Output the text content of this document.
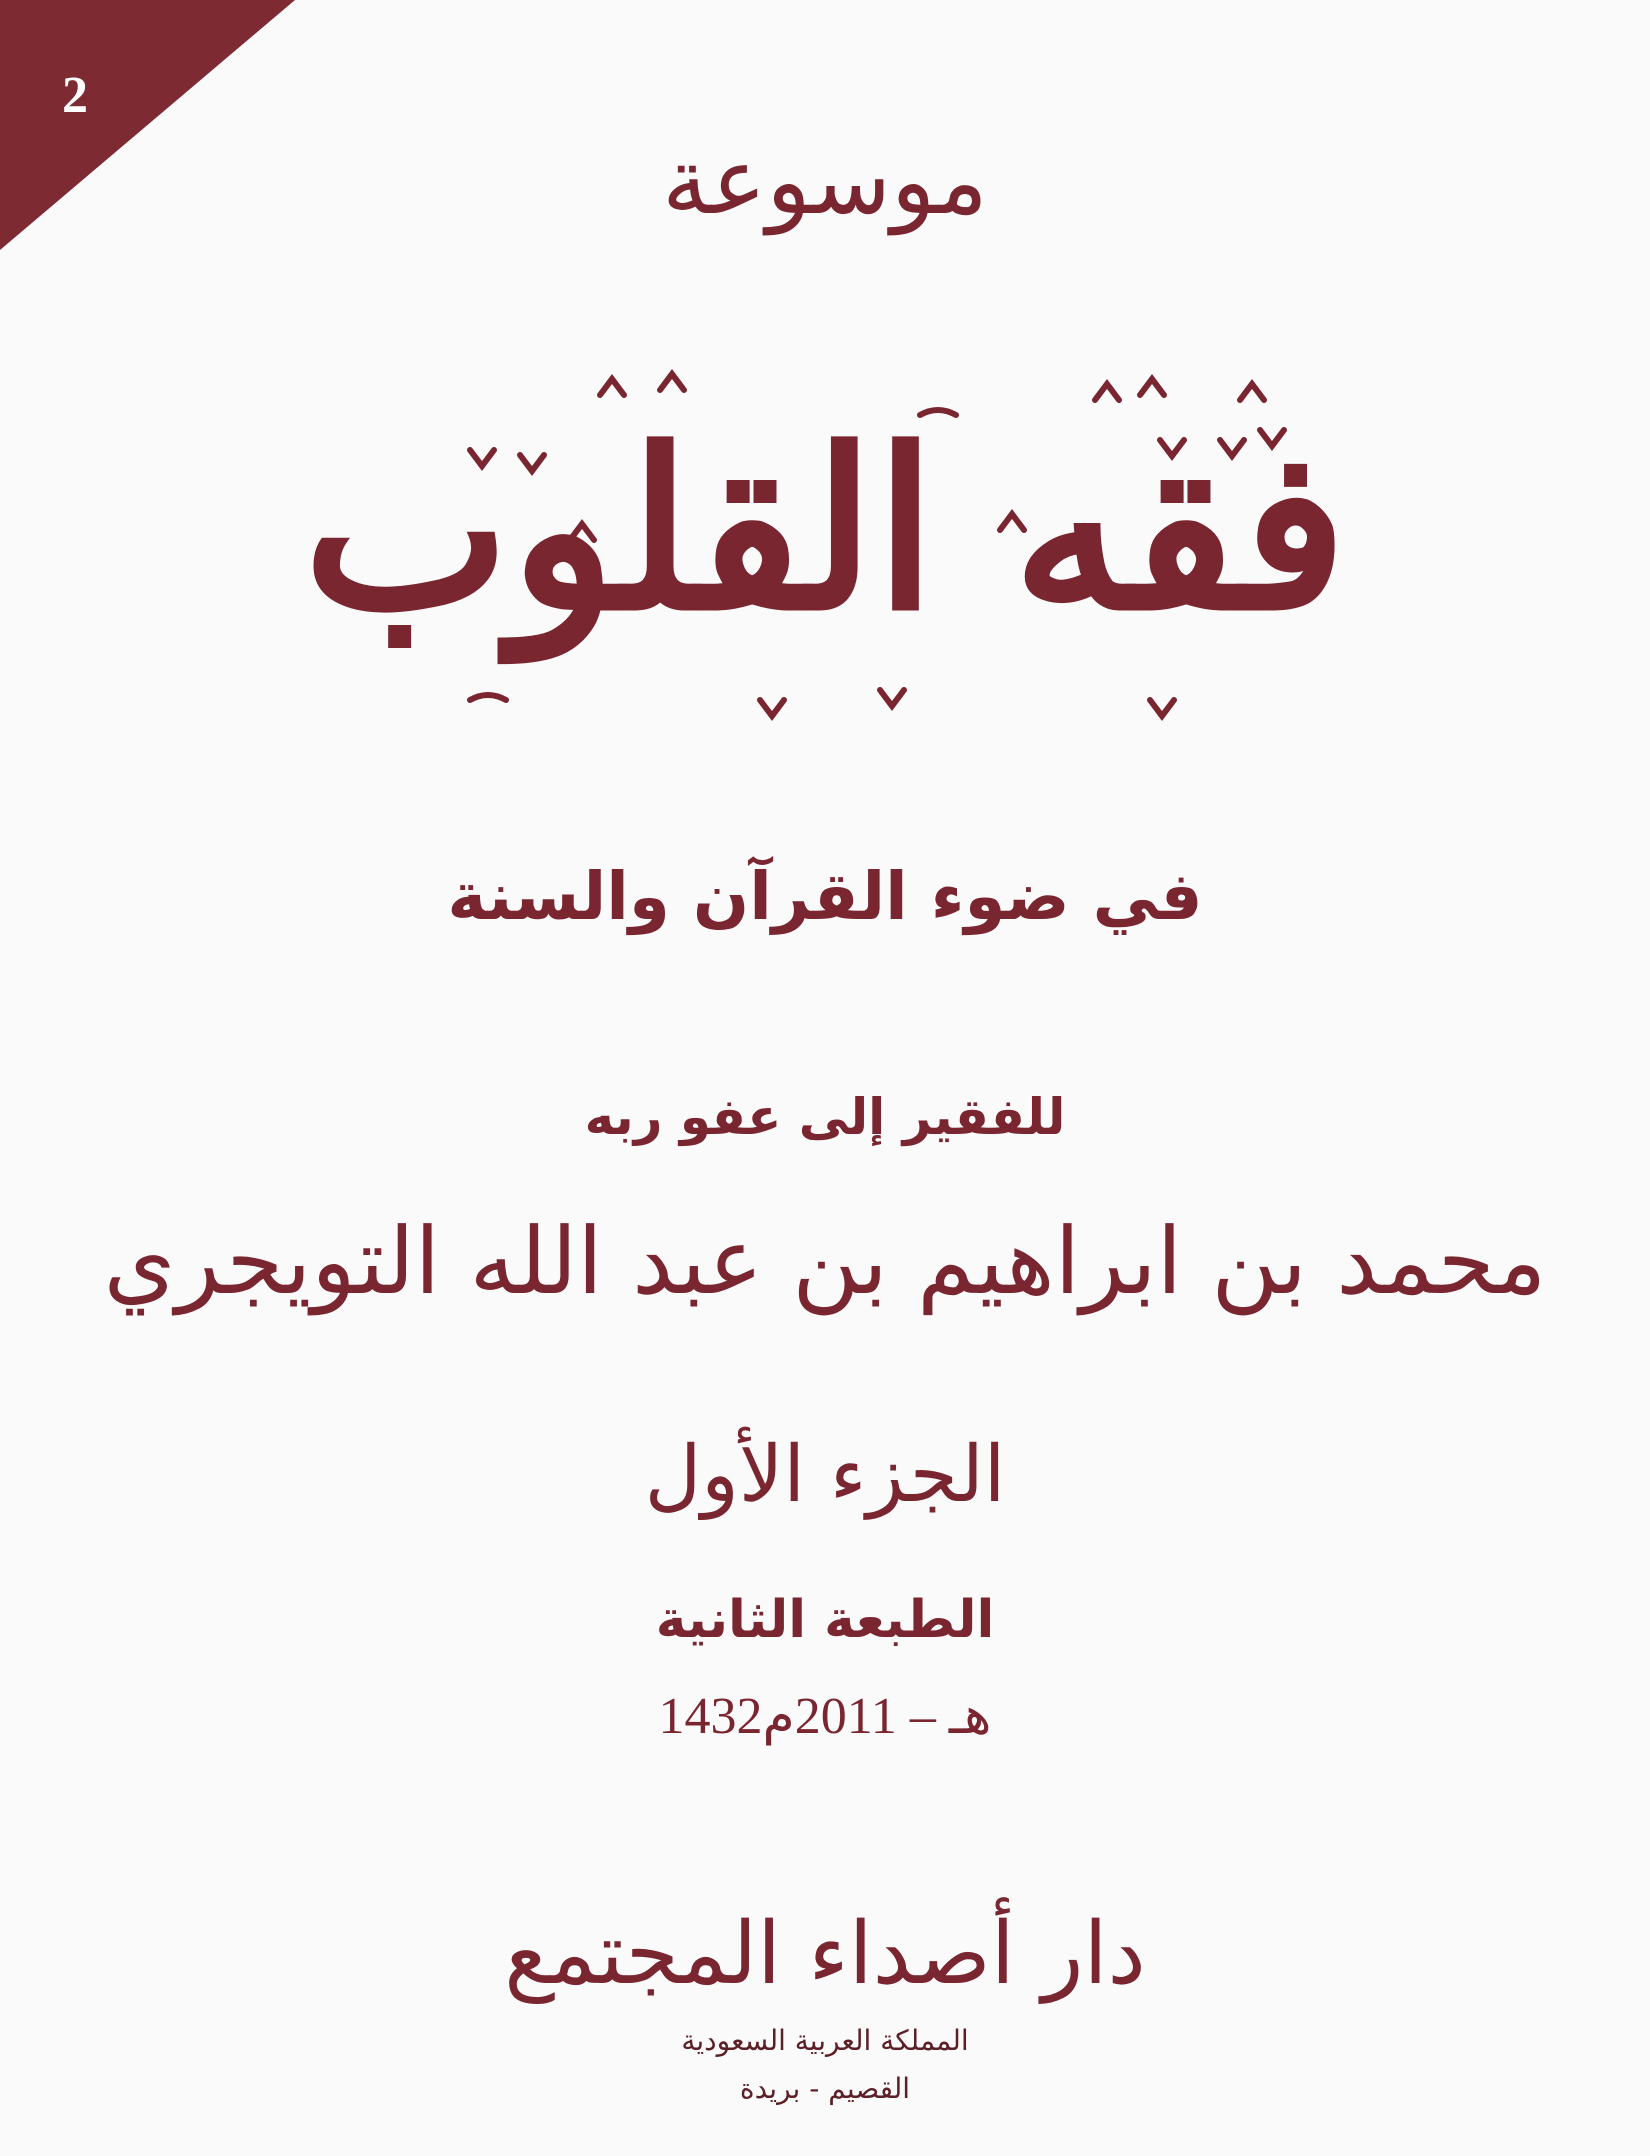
2
موسوعة
فقه القلوب
في ضوء القرآن والسنة
للفقير إلى عفو ربه
محمد بن ابراهيم بن عبد الله التويجري
الجزء الأول
الطبعة الثانية
1432هـ – 2011م
دار أصداء المجتمع
المملكة العربية السعودية
القصيم - بريدة
